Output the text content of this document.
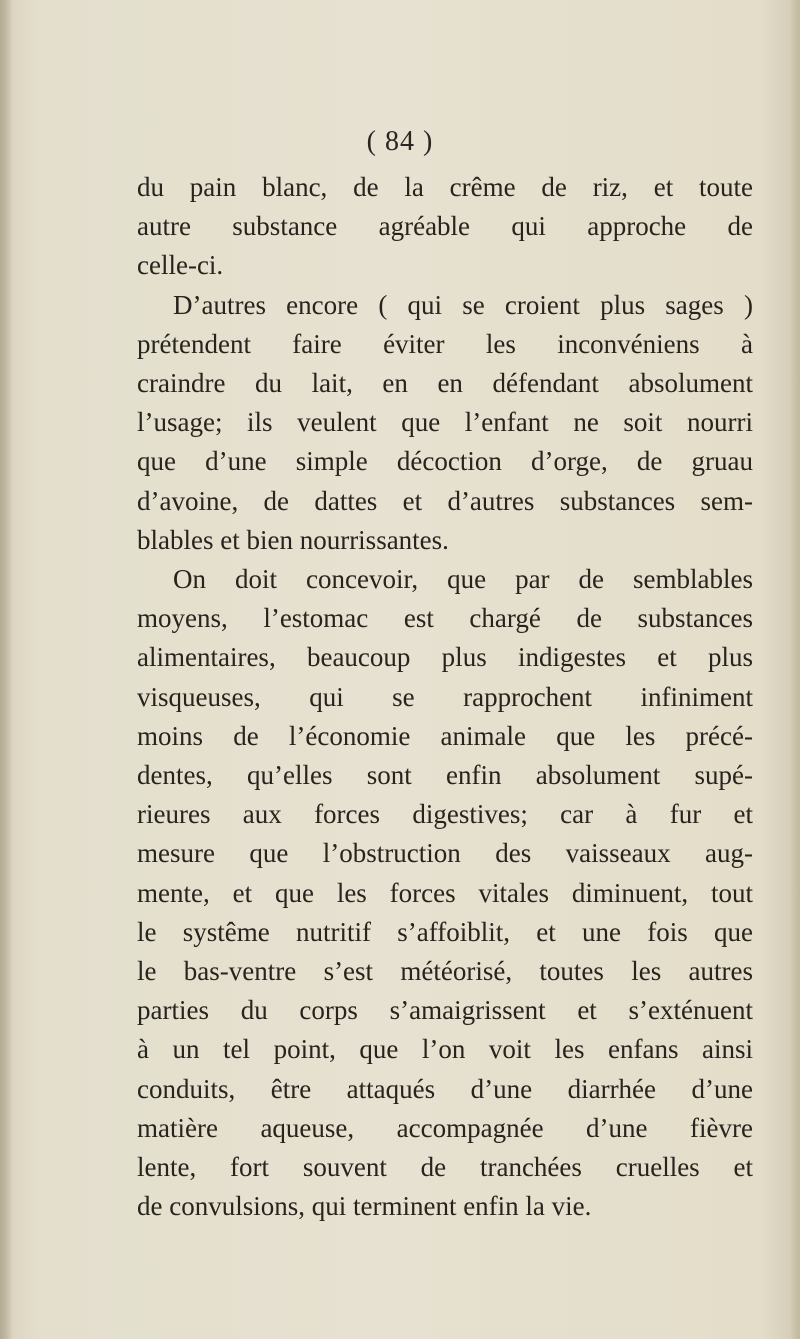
( 84 )
du pain blanc, de la crême de riz, et toute
autre substance agréable qui approche de
celle-ci.
D’autres encore ( qui se croient plus sages )
prétendent faire éviter les inconvéniens à
craindre du lait, en en défendant absolument
l’usage; ils veulent que l’enfant ne soit nourri
que d’une simple décoction d’orge, de gruau
d’avoine, de dattes et d’autres substances sem-
blables et bien nourrissantes.
On doit concevoir, que par de semblables
moyens, l’estomac est chargé de substances
alimentaires, beaucoup plus indigestes et plus
visqueuses, qui se rapprochent infiniment
moins de l’économie animale que les précé-
dentes, qu’elles sont enfin absolument supé-
rieures aux forces digestives; car à fur et
mesure que l’obstruction des vaisseaux aug-
mente, et que les forces vitales diminuent, tout
le systême nutritif s’affoiblit, et une fois que
le bas-ventre s’est météorisé, toutes les autres
parties du corps s’amaigrissent et s’exténuent
à un tel point, que l’on voit les enfans ainsi
conduits, être attaqués d’une diarrhée d’une
matière aqueuse, accompagnée d’une fièvre
lente, fort souvent de tranchées cruelles et
de convulsions, qui terminent enfin la vie.
